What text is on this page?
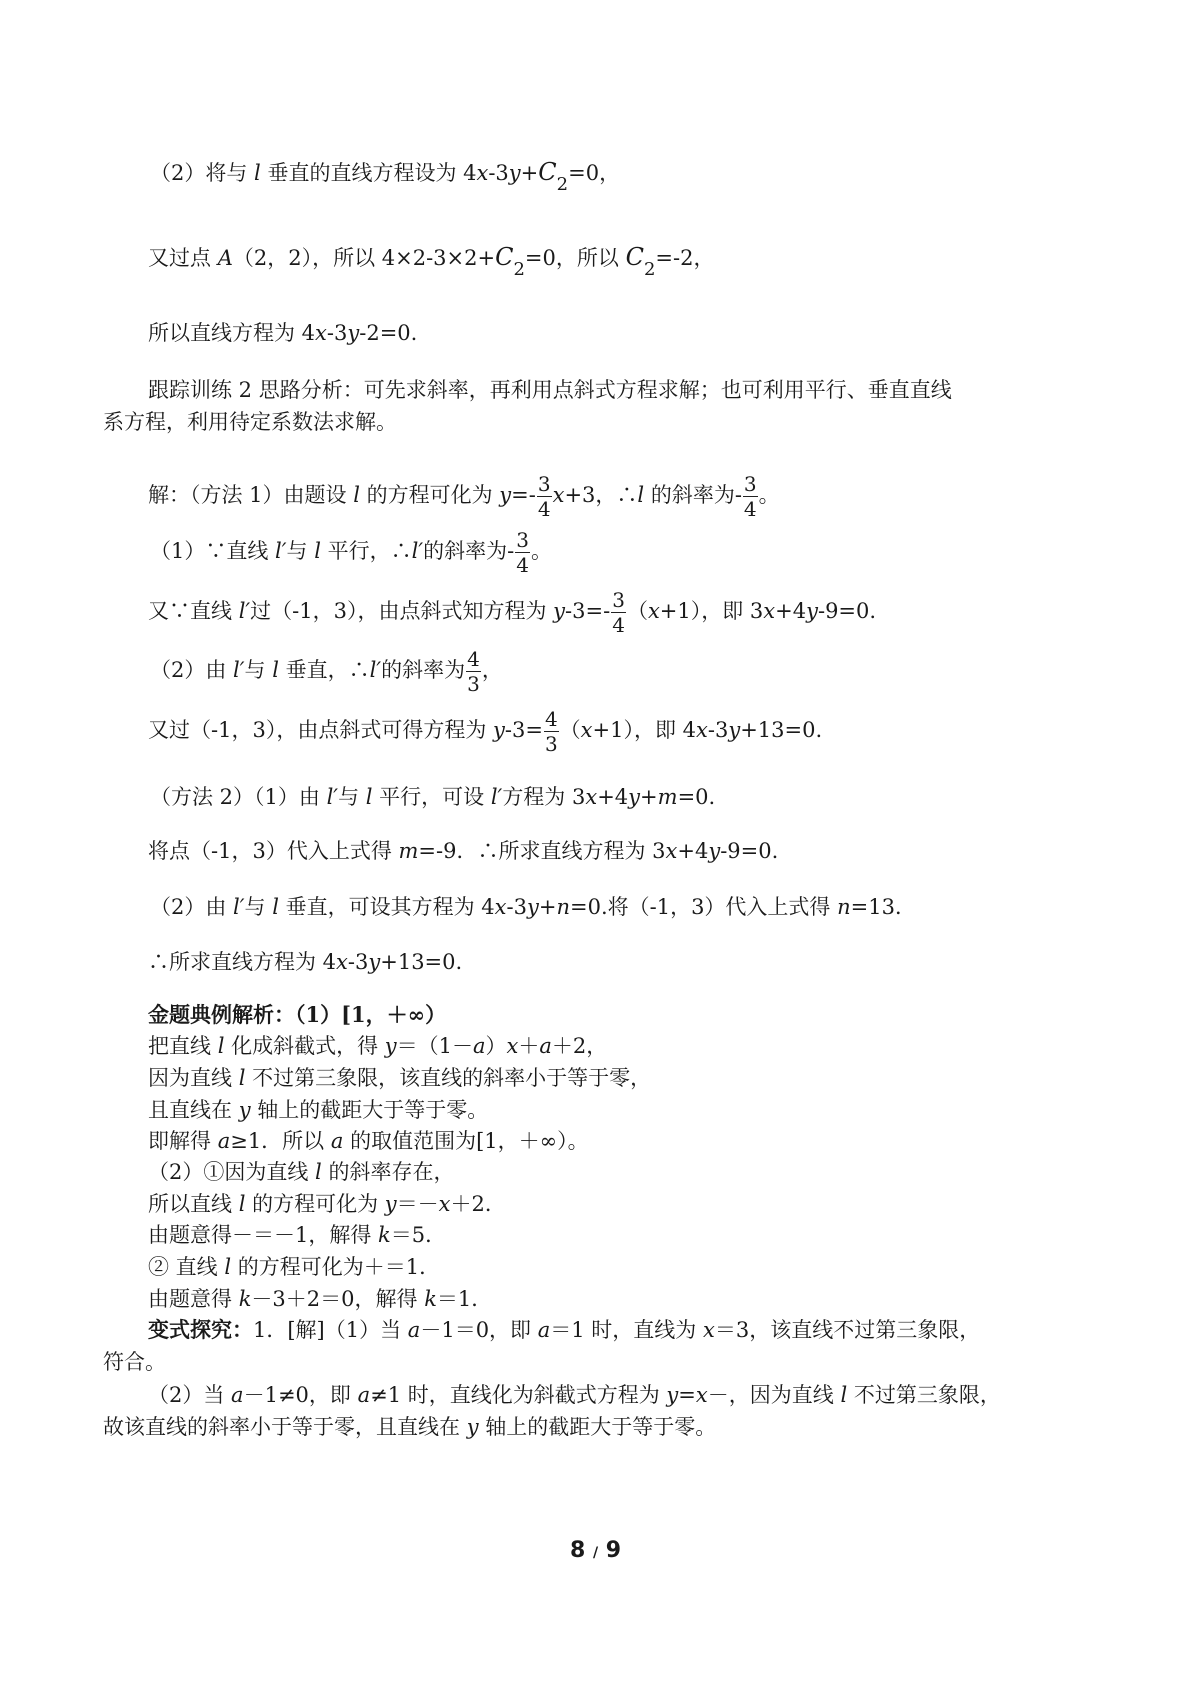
（2）将与 l 垂直的直线方程设为 $4x-3y+C_2=0$，
又过点 A（2，2），所以 $4\times 2-3\times 2+C_2=0$，所以 $C_2=-2$，
所以直线方程为 4x-3y-2=0.
跟踪训练 2 思路分析：可先求斜率，再利用点斜式方程求解；也可利用平行、垂直直线
系方程，利用待定系数法求解。
解：（方法 1）由题设 l 的方程可化为 $y=- \frac{3}{4} x+3$，∴l 的斜率为- $\frac{3}{4}$ 。
（1）∵直线 l′与 l 平行，∴l′的斜率为- $\frac{3}{4}$ 。
又∵直线 l′过（-1，3），由点斜式知方程为 $y-3=- \frac{3}{4} (x+1)$，即 3x+4y-9=0.
（2）由 l′与 l 垂直，∴l′的斜率为 $\frac{4}{3}$ ，
又过（-1，3），由点斜式可得方程为 $y-3= \frac{4}{3} (x+1)$，即 4x-3y+13=0.
（方法 2）（1）由 l′与 l 平行，可设 l′方程为 3x+4y+m=0.
将点（-1，3）代入上式得 m=-9．∴所求直线方程为 3x+4y-9=0.
（2）由 l′与 l 垂直，可设其方程为 4x-3y+n=0.将（-1，3）代入上式得 n=13．
∴所求直线方程为 4x-3y+13=0.
金题典例解析：（1）[1，＋∞）
把直线 l 化成斜截式，得 y＝（1－a）x＋a＋2，
因为直线 l 不过第三象限，该直线的斜率小于等于零，
且直线在 y 轴上的截距大于等于零。
即解得 a≥1．所以 a 的取值范围为[1，＋∞）。
（2）①因为直线 l 的斜率存在，
所以直线 l 的方程可化为 y＝－x＋2．
由题意得－＝－1，解得 k＝5．
② 直线 l 的方程可化为＋＝1．
由题意得 k－3＋2＝0，解得 k＝1．
变式探究：1．[解]（1）当 a－1＝0，即 a＝1 时，直线为 x＝3，该直线不过第三象限，
符合。
（2）当 a－1≠0，即 a≠1 时，直线化为斜截式方程为 y=x－，因为直线 l 不过第三象限，
故该直线的斜率小于等于零，且直线在 y 轴上的截距大于等于零。
8 / 9
